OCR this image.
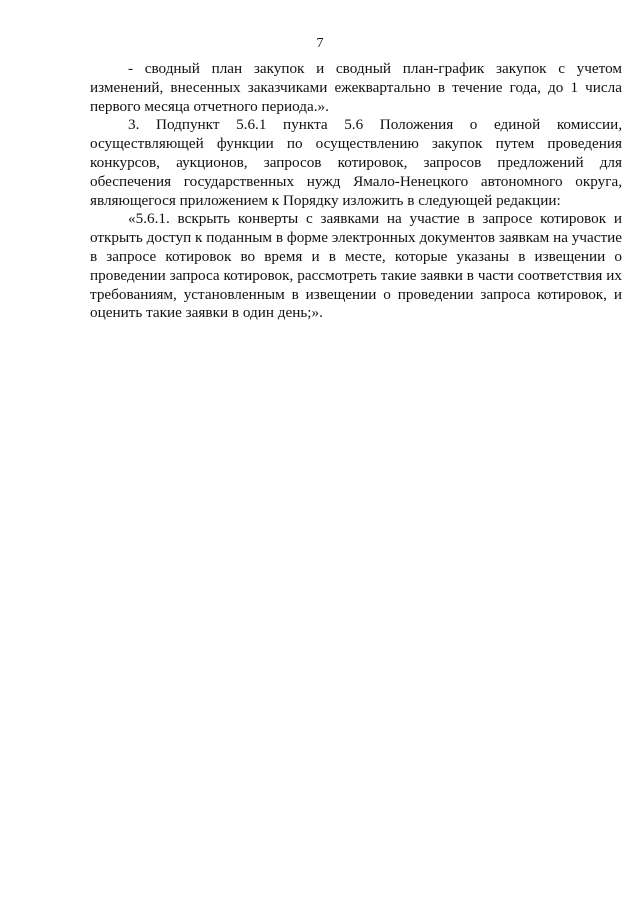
7

- сводный план закупок и сводный план-график закупок с учетом изменений, внесенных заказчиками ежеквартально в течение года, до 1 числа первого месяца отчетного периода.».

3. Подпункт 5.6.1 пункта 5.6 Положения о единой комиссии, осуществляющей функции по осуществлению закупок путем проведения конкурсов, аукционов, запросов котировок, запросов предложений для обеспечения государственных нужд Ямало-Ненецкого автономного округа, являющегося приложением к Порядку изложить в следующей редакции:

«5.6.1. вскрыть конверты с заявками на участие в запросе котировок и открыть доступ к поданным в форме электронных документов заявкам на участие в запросе котировок во время и в месте, которые указаны в извещении о проведении запроса котировок, рассмотреть такие заявки в части соответствия их требованиям, установленным в извещении о проведении запроса котировок, и оценить такие заявки в один день;».
